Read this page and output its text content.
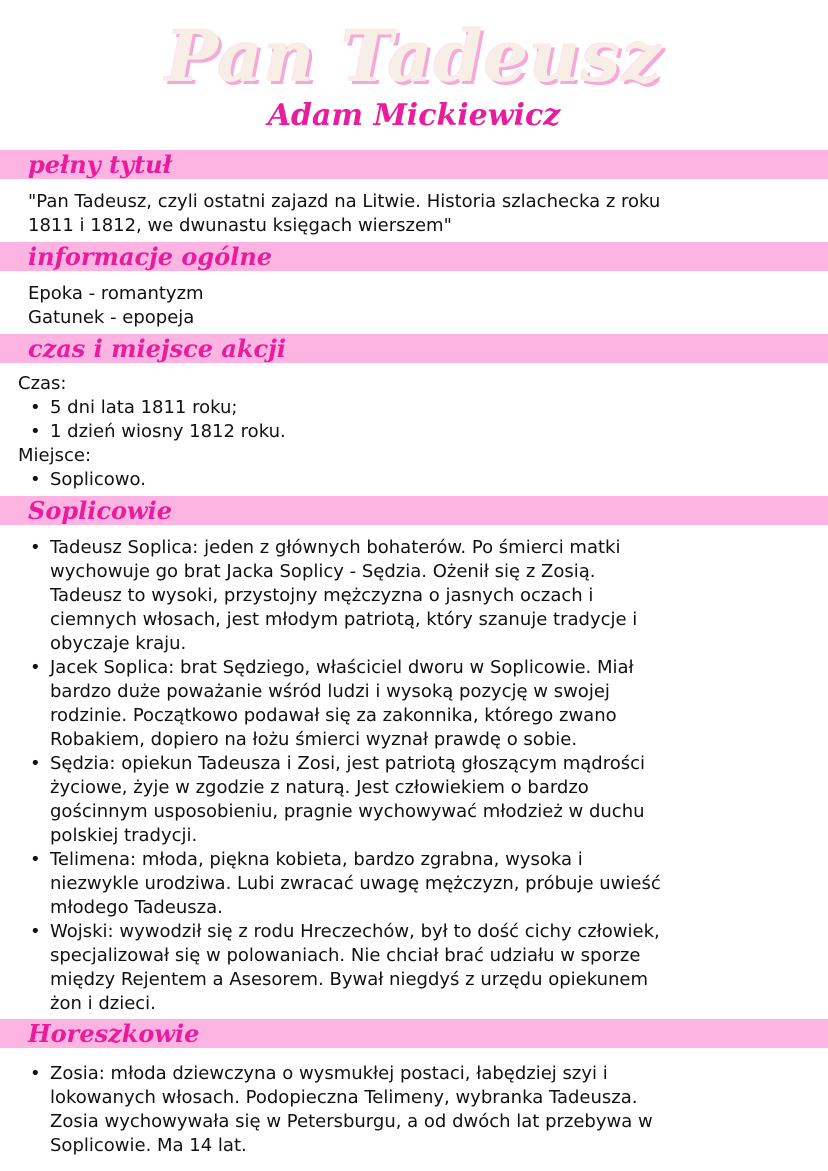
Pan Tadeusz
Adam Mickiewicz
pełny tytuł
"Pan Tadeusz, czyli ostatni zajazd na Litwie. Historia szlachecka z roku
1811 i 1812, we dwunastu księgach wierszem"
informacje ogólne
Epoka - romantyzm
Gatunek - epopeja
czas i miejsce akcji
Czas:
• 5 dni lata 1811 roku;
• 1 dzień wiosny 1812 roku.
Miejsce:
• Soplicowo.
Soplicowie
• Tadeusz Soplica: jeden z głównych bohaterów. Po śmierci matki
wychowuje go brat Jacka Soplicy - Sędzia. Ożenił się z Zosią.
Tadeusz to wysoki, przystojny mężczyzna o jasnych oczach i
ciemnych włosach, jest młodym patriotą, który szanuje tradycje i
obyczaje kraju.
• Jacek Soplica: brat Sędziego, właściciel dworu w Soplicowie. Miał
bardzo duże poważanie wśród ludzi i wysoką pozycję w swojej
rodzinie. Początkowo podawał się za zakonnika, którego zwano
Robakiem, dopiero na łożu śmierci wyznał prawdę o sobie.
• Sędzia: opiekun Tadeusza i Zosi, jest patriotą głoszącym mądrości
życiowe, żyje w zgodzie z naturą. Jest człowiekiem o bardzo
gościnnym usposobieniu, pragnie wychowywać młodzież w duchu
polskiej tradycji.
• Telimena: młoda, piękna kobieta, bardzo zgrabna, wysoka i
niezwykle urodziwa. Lubi zwracać uwagę mężczyzn, próbuje uwieść
młodego Tadeusza.
• Wojski: wywodził się z rodu Hreczechów, był to dość cichy człowiek,
specjalizował się w polowaniach. Nie chciał brać udziału w sporze
między Rejentem a Asesorem. Bywał niegdyś z urzędu opiekunem
żon i dzieci.
Horeszkowie
• Zosia: młoda dziewczyna o wysmukłej postaci, łabędziej szyi i
lokowanych włosach. Podopieczna Telimeny, wybranka Tadeusza.
Zosia wychowywała się w Petersburgu, a od dwóch lat przebywa w
Soplicowie. Ma 14 lat.
